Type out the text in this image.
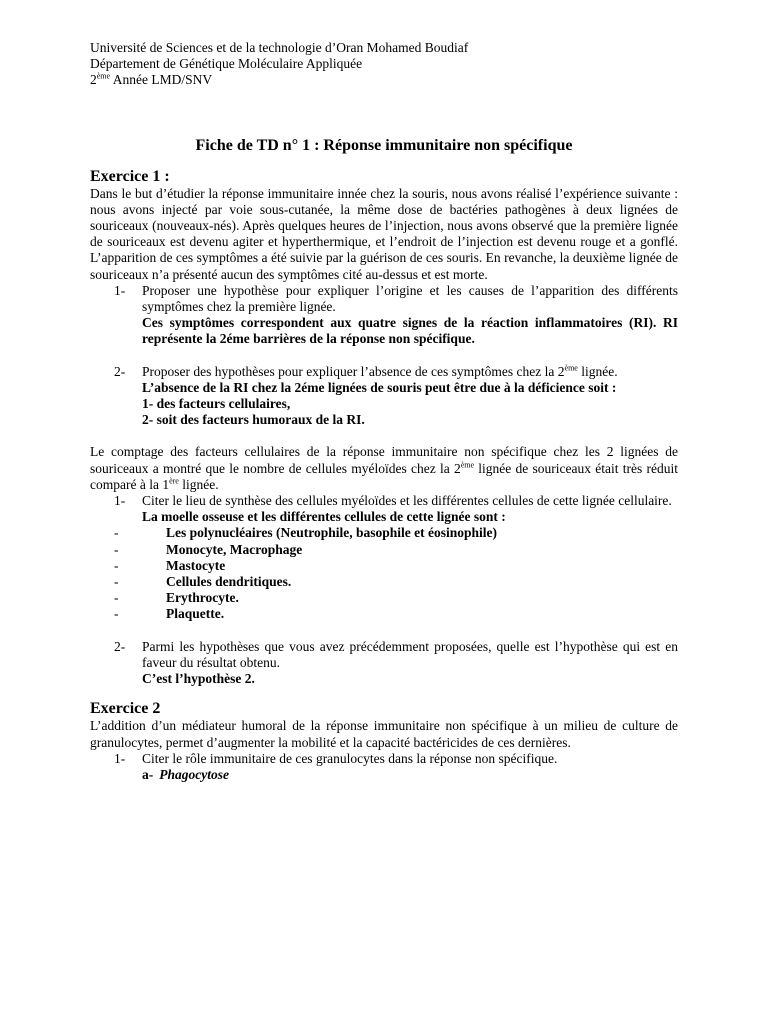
Université de Sciences et de la technologie d’Oran Mohamed Boudiaf
Département de Génétique Moléculaire Appliquée
2ème Année LMD/SNV
Fiche de TD n° 1 : Réponse immunitaire non spécifique
Exercice 1 :
Dans le but d’étudier la réponse immunitaire innée chez la souris, nous avons réalisé l’expérience suivante : nous avons injecté par voie sous-cutanée, la même dose de bactéries pathogènes à deux lignées de souriceaux (nouveaux-nés). Après quelques heures de l’injection, nous avons observé que la première lignée de souriceaux est devenu agiter et hyperthermique, et l’endroit de l’injection est devenu rouge et a gonflé. L’apparition de ces symptômes a été suivie par la guérison de ces souris. En revanche, la deuxième lignée de souriceaux n’a présenté aucun des symptômes cité au-dessus et est morte.
1-	Proposer une hypothèse pour expliquer l’origine et les causes de l’apparition des différents symptômes chez la première lignée.
Ces symptômes correspondent aux quatre signes de la réaction inflammatoires (RI). RI représente la 2éme barrières de la réponse non spécifique.
2-	Proposer des hypothèses pour expliquer l’absence de ces symptômes chez la 2ème lignée.
L’absence de la RI chez la 2éme lignées de souris peut être due à la déficience soit :
1- des facteurs cellulaires,
2- soit des facteurs humoraux de la RI.
Le comptage des facteurs cellulaires de la réponse immunitaire non spécifique chez les 2 lignées de souriceaux a montré que le nombre de cellules myéloïdes chez la 2ème lignée de souriceaux était très réduit comparé à la 1ère lignée.
1-	Citer le lieu de synthèse des cellules myéloïdes et les différentes cellules de cette lignée cellulaire.
La moelle osseuse et les différentes cellules de cette lignée sont :
-	Les polynucléaires (Neutrophile, basophile et éosinophile)
-	Monocyte, Macrophage
-	Mastocyte
-	Cellules dendritiques.
-	Erythrocyte.
-	Plaquette.
2-	Parmi les hypothèses que vous avez précédemment proposées, quelle est l’hypothèse qui est en faveur du résultat obtenu.
C’est l’hypothèse 2.
Exercice 2
L’addition d’un médiateur humoral de la réponse immunitaire non spécifique à un milieu de culture de granulocytes, permet d’augmenter la mobilité et la capacité bactéricides de ces dernières.
1-	Citer le rôle immunitaire de ces granulocytes dans la réponse non spécifique.
a- Phagocytose
